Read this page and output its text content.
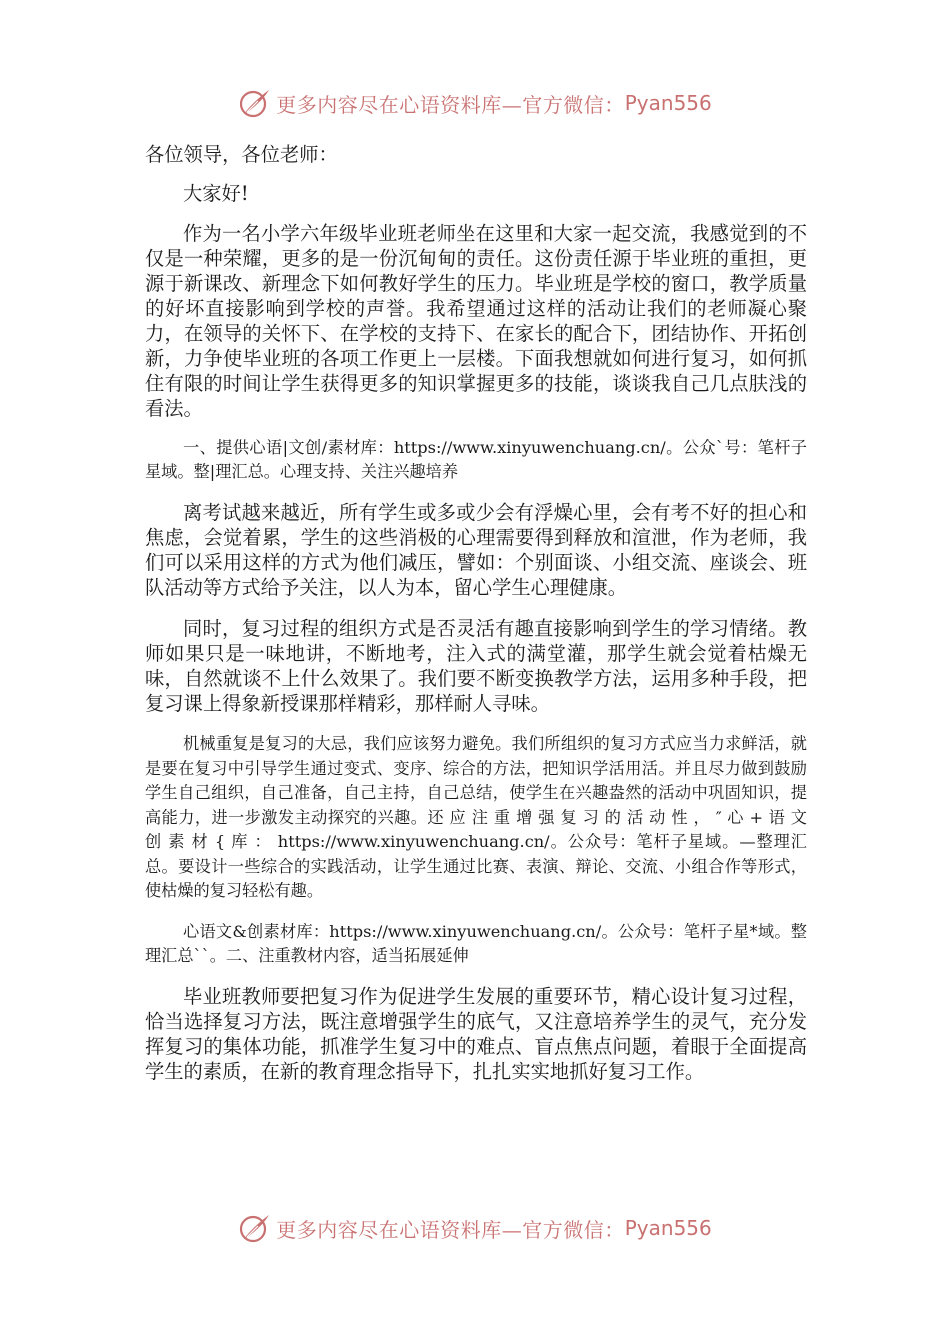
更多内容尽在心语资料库—官方微信： Pyan556

各位领导，各位老师：

大家好!

作为一名小学六年级毕业班老师坐在这里和大家一起交流，我感觉到的不仅是一种荣耀，更多的是一份沉甸甸的责任。这份责任源于毕业班的重担，更源于新课改、新理念下如何教好学生的压力。毕业班是学校的窗口，教学质量的好坏直接影响到学校的声誉。我希望通过这样的活动让我们的老师凝心聚力，在领导的关怀下、在学校的支持下、在家长的配合下，团结协作、开拓创新，力争使毕业班的各项工作更上一层楼。下面我想就如何进行复习，如何抓住有限的时间让学生获得更多的知识掌握更多的技能，谈谈我自己几点肤浅的看法。

一、提供心语|文创/素材库：https://www.xinyuwenchuang.cn/。公众`号：笔杆子星域。整|理汇总。心理支持、关注兴趣培养

离考试越来越近，所有学生或多或少会有浮燥心里，会有考不好的担心和焦虑，会觉着累，学生的这些消极的心理需要得到释放和渲泄，作为老师，我们可以采用这样的方式为他们减压，譬如：个别面谈、小组交流、座谈会、班队活动等方式给予关注，以人为本，留心学生心理健康。

同时，复习过程的组织方式是否灵活有趣直接影响到学生的学习情绪。教师如果只是一味地讲，不断地考，注入式的满堂灌，那学生就会觉着枯燥无味，自然就谈不上什么效果了。我们要不断变换教学方法，运用多种手段，把复习课上得象新授课那样精彩，那样耐人寻味。

机械重复是复习的大忌，我们应该努力避免。我们所组织的复习方式应当力求鲜活，就是要在复习中引导学生通过变式、变序、综合的方法，把知识学活用活。并且尽力做到鼓励学生自己组织，自己准备，自己主持，自己总结，使学生在兴趣盎然的活动中巩固知识，提高能力，进一步激发主动探究的兴趣。还 应 注 重 增 强 复 习 的 活 动 性 ， ″ 心 + 语 文 创 素 材 { 库 ： https://www.xinyuwenchuang.cn/。公众号：笔杆子星域。—整理汇总。要设计一些综合的实践活动，让学生通过比赛、表演、辩论、交流、小组合作等形式，使枯燥的复习轻松有趣。

心语文&创素材库：https://www.xinyuwenchuang.cn/。公众号：笔杆子星*域。整理汇总``。二、注重教材内容，适当拓展延伸

毕业班教师要把复习作为促进学生发展的重要环节，精心设计复习过程，恰当选择复习方法，既注意增强学生的底气，又注意培养学生的灵气，充分发挥复习的集体功能，抓准学生复习中的难点、盲点焦点问题，着眼于全面提高学生的素质，在新的教育理念指导下，扎扎实实地抓好复习工作。

更多内容尽在心语资料库—官方微信： Pyan556
